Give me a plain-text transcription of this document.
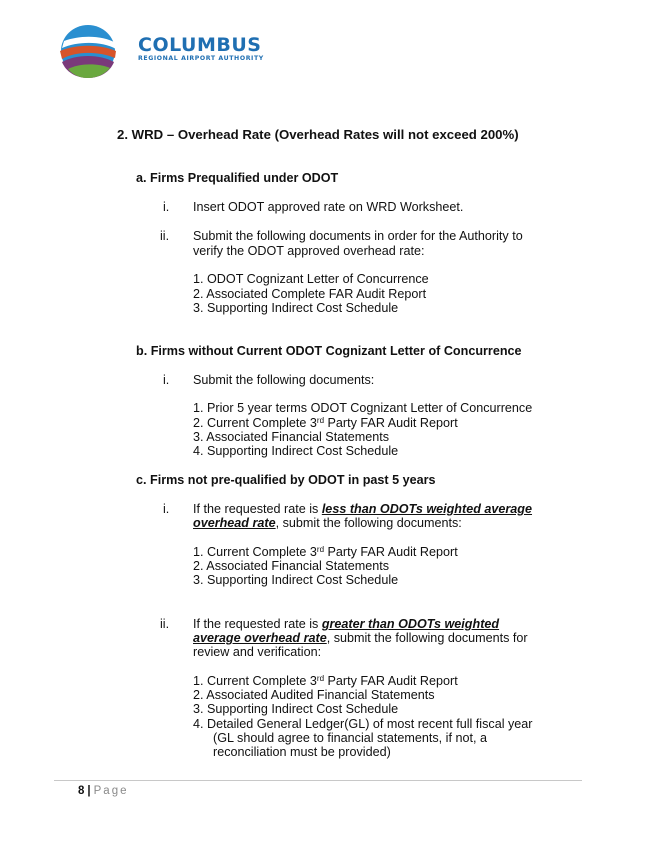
COLUMBUS
REGIONAL AIRPORT AUTHORITY
2. WRD – Overhead Rate (Overhead Rates will not exceed 200%)
a. Firms Prequalified under ODOT
i. Insert ODOT approved rate on WRD Worksheet.
ii. Submit the following documents in order for the Authority to
verify the ODOT approved overhead rate:
1. ODOT Cognizant Letter of Concurrence
2. Associated Complete FAR Audit Report
3. Supporting Indirect Cost Schedule
b. Firms without Current ODOT Cognizant Letter of Concurrence
i. Submit the following documents:
1. Prior 5 year terms ODOT Cognizant Letter of Concurrence
2. Current Complete 3rd Party FAR Audit Report
3. Associated Financial Statements
4. Supporting Indirect Cost Schedule
c. Firms not pre-qualified by ODOT in past 5 years
i. If the requested rate is less than ODOTs weighted average
overhead rate, submit the following documents:
1. Current Complete 3rd Party FAR Audit Report
2. Associated Financial Statements
3. Supporting Indirect Cost Schedule
ii. If the requested rate is greater than ODOTs weighted
average overhead rate, submit the following documents for
review and verification:
1. Current Complete 3rd Party FAR Audit Report
2. Associated Audited Financial Statements
3. Supporting Indirect Cost Schedule
4. Detailed General Ledger(GL) of most recent full fiscal year
(GL should agree to financial statements, if not, a
reconciliation must be provided)
8 | Page
